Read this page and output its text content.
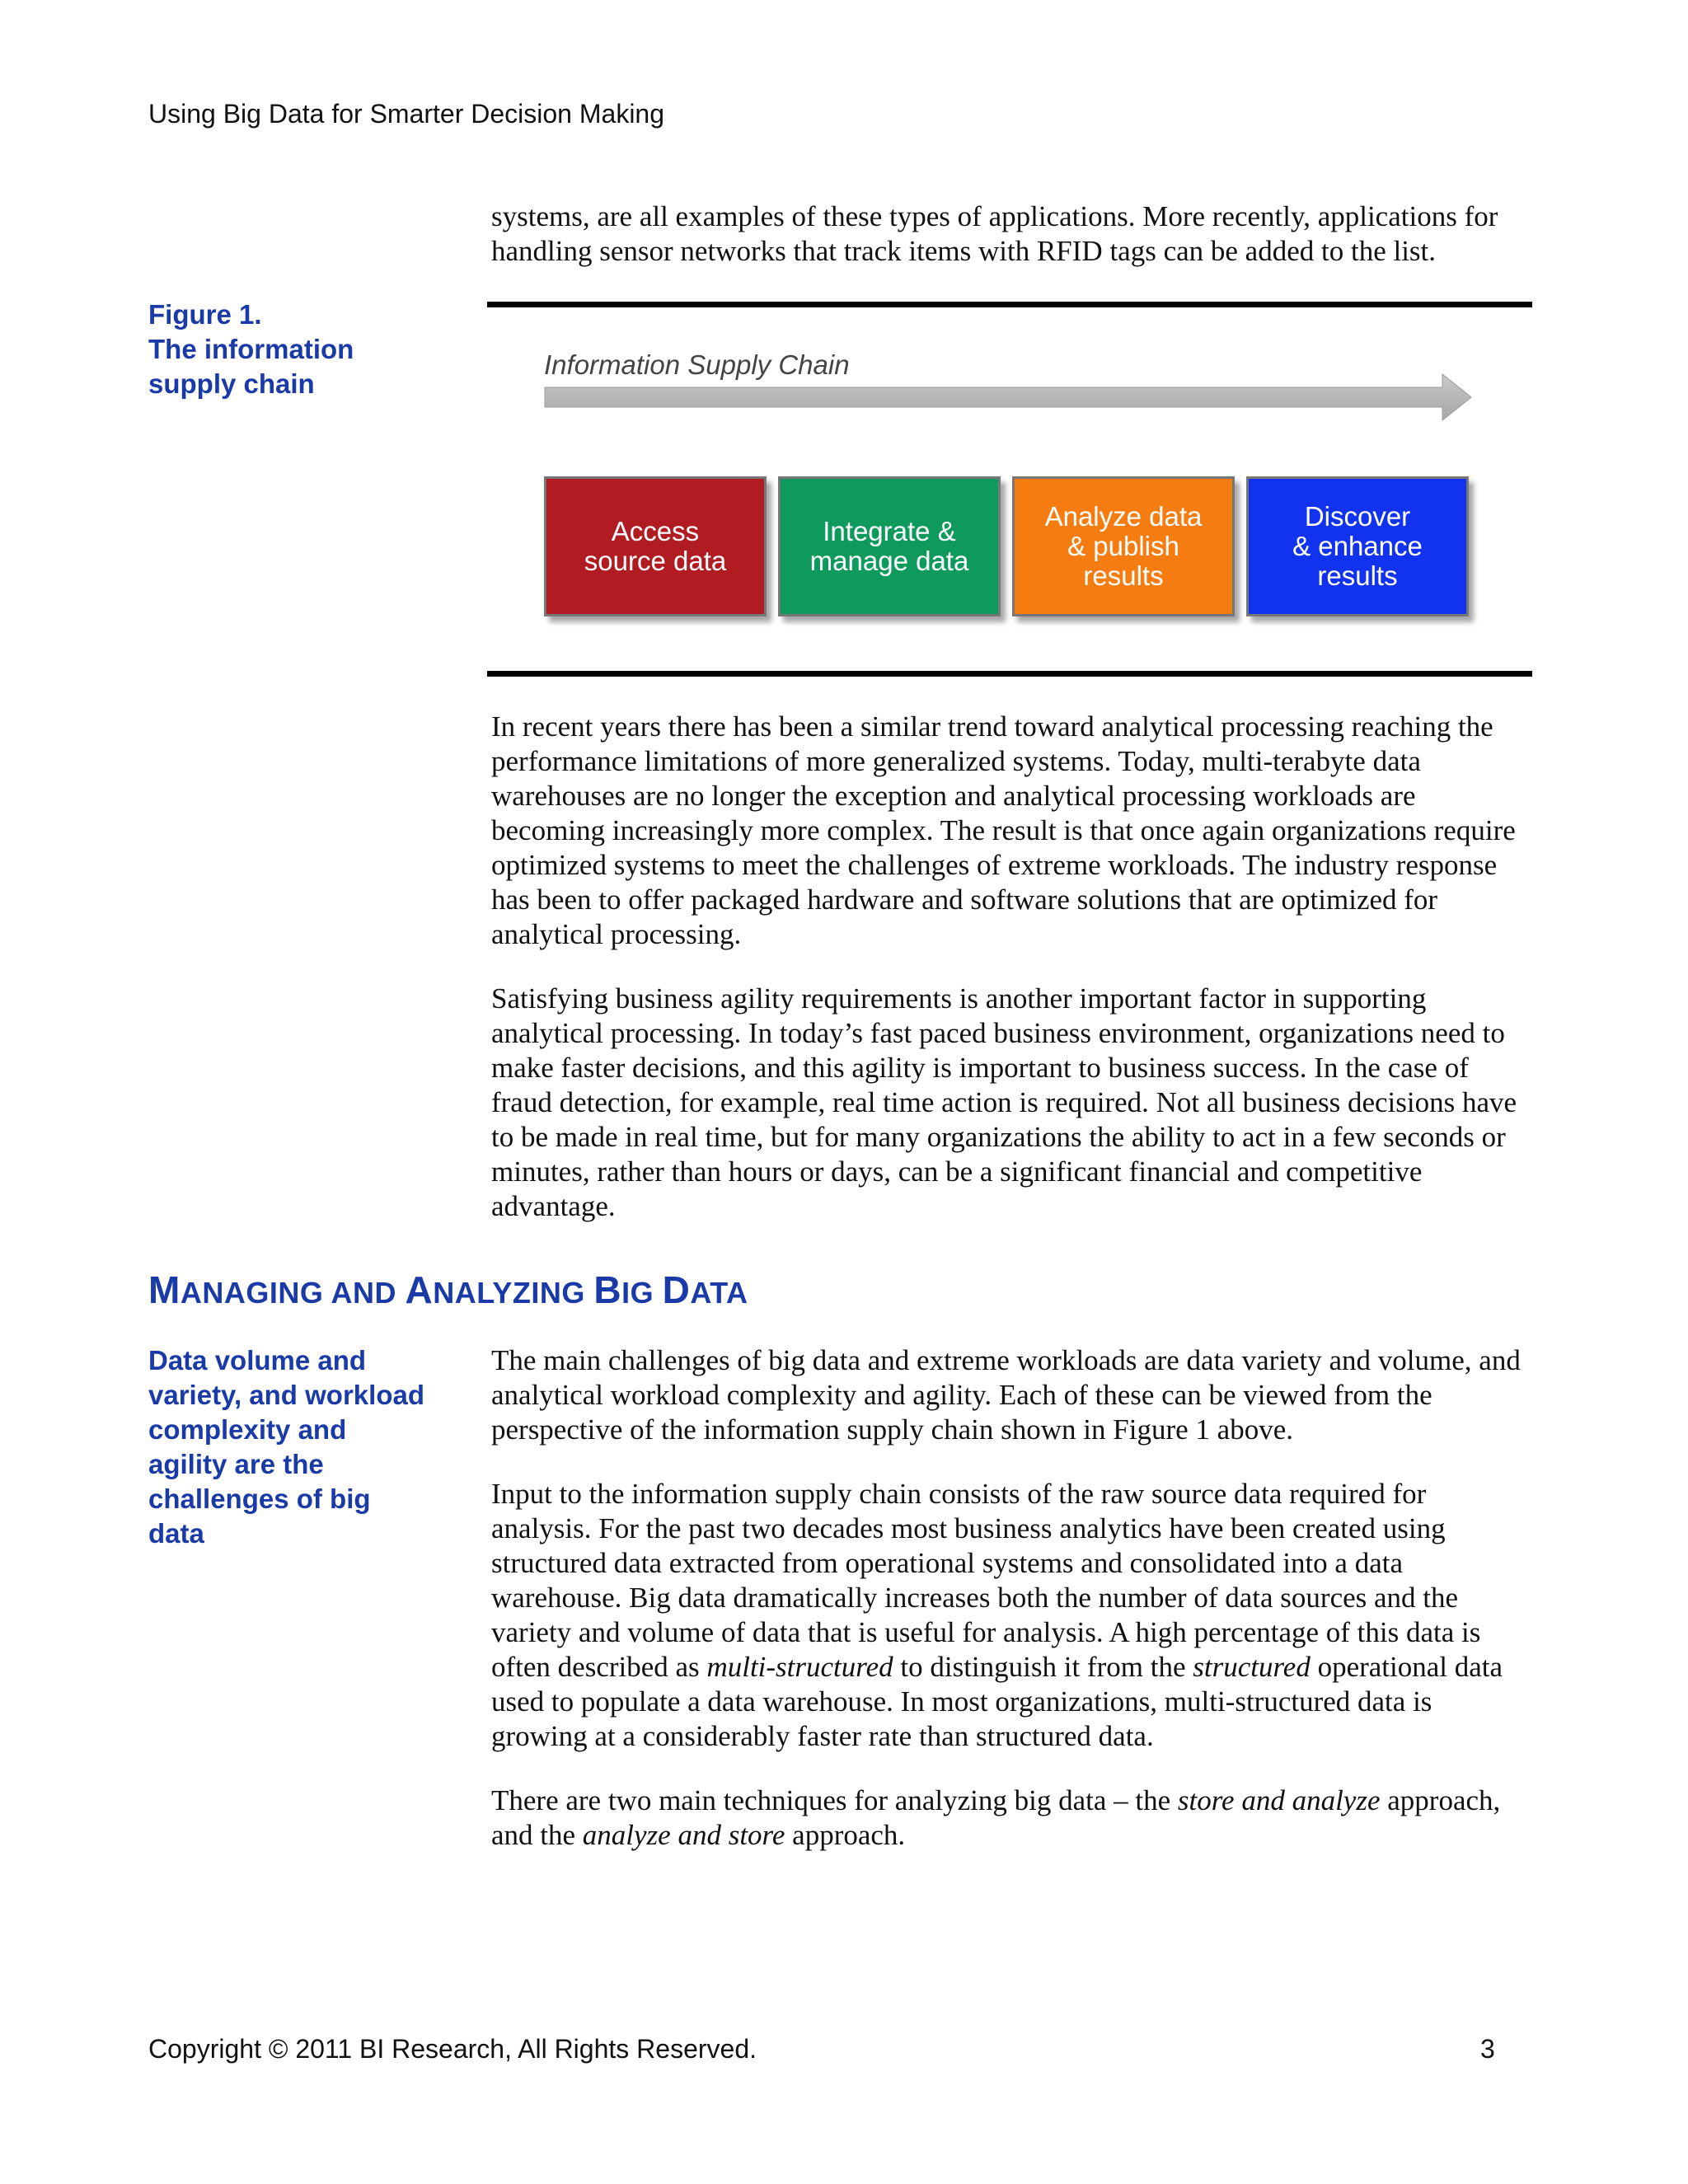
Using Big Data for Smarter Decision Making

systems, are all examples of these types of applications. More recently, applications for handling sensor networks that track items with RFID tags can be added to the list.

Figure 1.
The information
supply chain
Information Supply Chain
Access
source data
Integrate &
manage data
Analyze data
& publish
results
Discover
& enhance
results

In recent years there has been a similar trend toward analytical processing reaching the performance limitations of more generalized systems. Today, multi-terabyte data warehouses are no longer the exception and analytical processing workloads are becoming increasingly more complex. The result is that once again organizations require optimized systems to meet the challenges of extreme workloads. The industry response has been to offer packaged hardware and software solutions that are optimized for analytical processing.

Satisfying business agility requirements is another important factor in supporting analytical processing. In today’s fast paced business environment, organizations need to make faster decisions, and this agility is important to business success. In the case of fraud detection, for example, real time action is required. Not all business decisions have to be made in real time, but for many organizations the ability to act in a few seconds or minutes, rather than hours or days, can be a significant financial and competitive advantage.

MANAGING AND ANALYZING BIG DATA
Data volume and
variety, and workload
complexity and
agility are the
challenges of big
data

The main challenges of big data and extreme workloads are data variety and volume, and analytical workload complexity and agility. Each of these can be viewed from the perspective of the information supply chain shown in Figure 1 above.

Input to the information supply chain consists of the raw source data required for analysis. For the past two decades most business analytics have been created using structured data extracted from operational systems and consolidated into a data warehouse. Big data dramatically increases both the number of data sources and the variety and volume of data that is useful for analysis. A high percentage of this data is often described as multi-structured to distinguish it from the structured operational data used to populate a data warehouse. In most organizations, multi-structured data is growing at a considerably faster rate than structured data.

There are two main techniques for analyzing big data – the store and analyze approach, and the analyze and store approach.

Copyright © 2011 BI Research, All Rights Reserved.	3
